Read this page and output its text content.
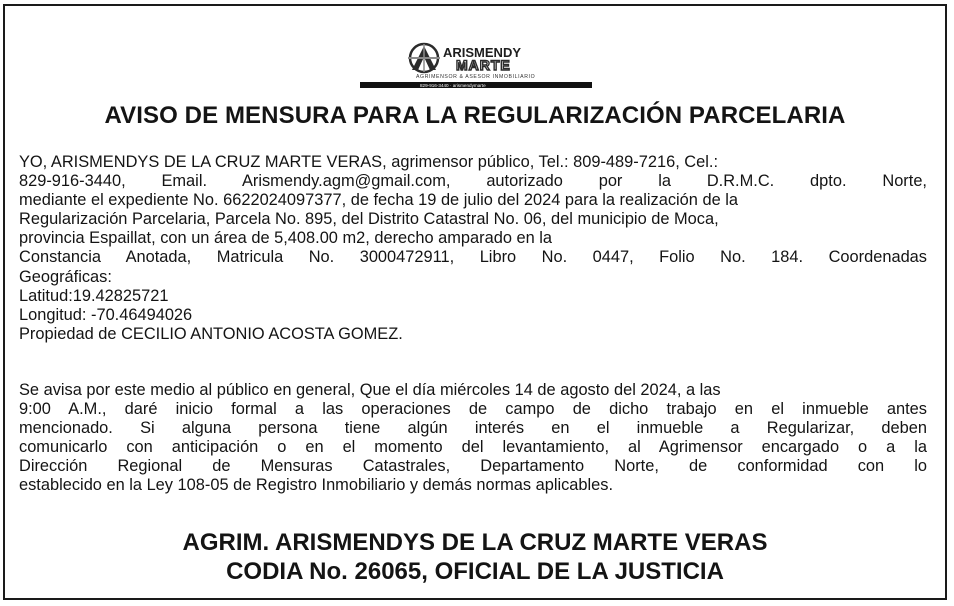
ARISMENDY
MARTE
AGRIMENSOR & ASESOR INMOBILIARIO
829-916-3440 · arismendymarte
AVISO DE MENSURA PARA LA REGULARIZACIÓN PARCELARIA
YO, ARISMENDYS DE LA CRUZ MARTE VERAS, agrimensor público, Tel.: 809-489-7216, Cel.:
829-916-3440, Email. Arismendy.agm@gmail.com, autorizado por la D.R.M.C. dpto. Norte,
mediante el expediente No. 6622024097377, de fecha 19 de julio del 2024 para la realización de la
Regularización Parcelaria, Parcela No. 895, del Distrito Catastral No. 06, del municipio de Moca,
provincia Espaillat, con un área de 5,408.00 m2, derecho amparado en la
Constancia Anotada, Matricula No. 3000472911, Libro No. 0447, Folio No. 184. Coordenadas
Geográficas:
Latitud:19.42825721
Longitud: -70.46494026
Propiedad de CECILIO ANTONIO ACOSTA GOMEZ.
Se avisa por este medio al público en general, Que el día miércoles 14 de agosto del 2024, a las
9:00 A.M., daré inicio formal a las operaciones de campo de dicho trabajo en el inmueble antes
mencionado. Si alguna persona tiene algún interés en el inmueble a Regularizar, deben
comunicarlo con anticipación o en el momento del levantamiento, al Agrimensor encargado o a la
Dirección Regional de Mensuras Catastrales, Departamento Norte, de conformidad con lo
establecido en la Ley 108-05 de Registro Inmobiliario y demás normas aplicables.
AGRIM. ARISMENDYS DE LA CRUZ MARTE VERAS
CODIA No. 26065, OFICIAL DE LA JUSTICIA
